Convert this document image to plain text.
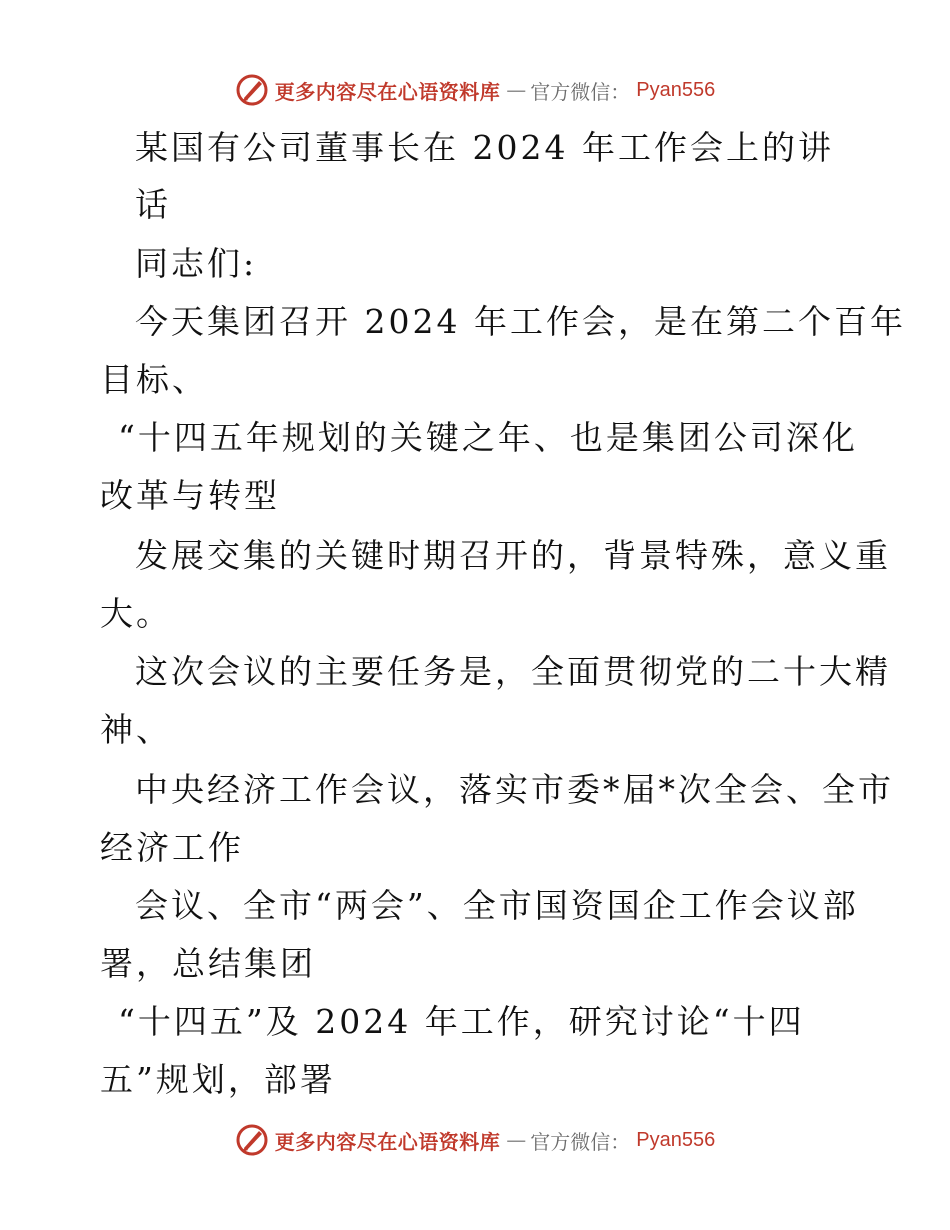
更多内容尽在心语资料库 — 官方微信： Pyan556
某国有公司董事长在 2024 年工作会上的讲
话
同志们:
今天集团召开 2024 年工作会，是在第二个百年
目标、
“十四五年规划的关键之年、也是集团公司深化
改革与转型
发展交集的关键时期召开的，背景特殊，意义重
大。
这次会议的主要任务是，全面贯彻党的二十大精
神、
中央经济工作会议，落实市委*届*次全会、全市
经济工作
会议、全市“两会”、全市国资国企工作会议部
署，总结集团
“十四五”及 2024 年工作，研究讨论“十四
五”规划，部署
更多内容尽在心语资料库 — 官方微信： Pyan556
